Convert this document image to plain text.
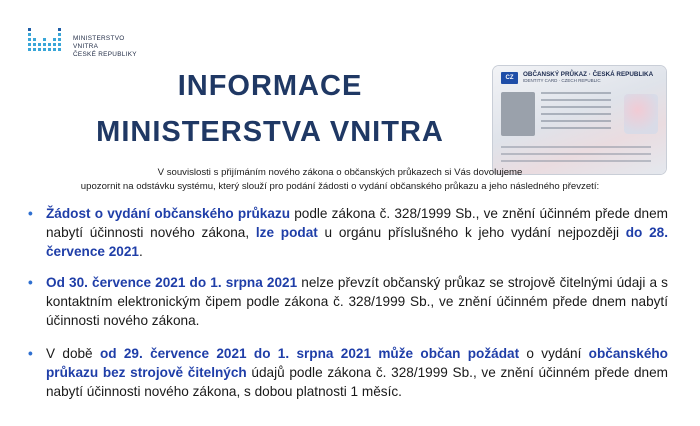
MINISTERSTVO VNITRA
ČESKÉ REPUBLIKY
INFORMACE
MINISTERSTVA VNITRA
CZ	OBČANSKÝ PRŮKAZ · ČESKÁ REPUBLIKA
IDENTITY CARD · CZECH REPUBLIC
V souvislosti s přijímáním nového zákona o občanských průkazech si Vás dovolujeme
upozornit na odstávku systému, který slouží pro podání žádosti o vydání občanského průkazu a jeho následného převzetí:
• Žádost o vydání občanského průkazu podle zákona č. 328/1999 Sb., ve znění účinném přede dnem nabytí účinnosti nového zákona, lze podat u orgánu příslušného k jeho vydání nejpozději do 28. července 2021.
• Od 30. července 2021 do 1. srpna 2021 nelze převzít občanský průkaz se strojově čitelnými údaji a s kontaktním elektronickým čipem podle zákona č. 328/1999 Sb., ve znění účinném přede dnem nabytí účinnosti nového zákona.
• V době od 29. července 2021 do 1. srpna 2021 může občan požádat o vydání občanského průkazu bez strojově čitelných údajů podle zákona č. 328/1999 Sb., ve znění účinném přede dnem nabytí účinnosti nového zákona, s dobou platnosti 1 měsíc.
